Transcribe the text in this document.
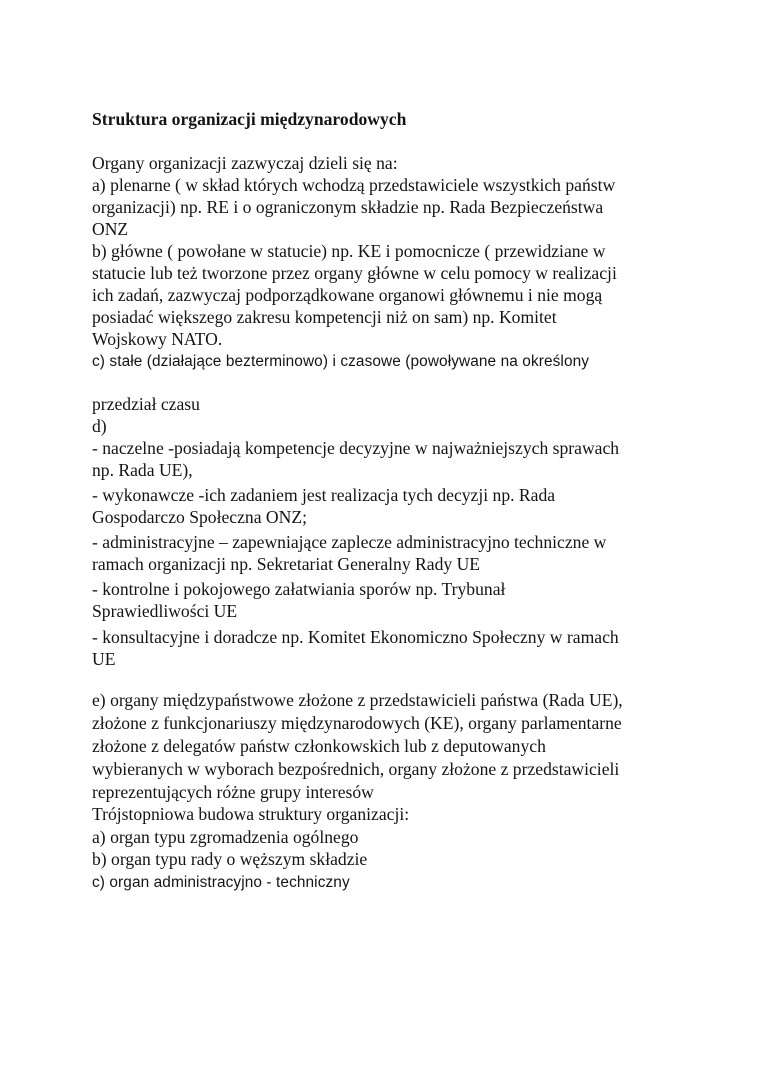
Struktura organizacji międzynarodowych
Organy organizacji zazwyczaj dzieli się na:
a) plenarne ( w skład których wchodzą przedstawiciele wszystkich państw
organizacji) np. RE i o ograniczonym składzie np. Rada Bezpieczeństwa
ONZ
b) główne ( powołane w statucie) np. KE i pomocnicze ( przewidziane w
statucie lub też tworzone przez organy główne w celu pomocy w realizacji
ich zadań, zazwyczaj podporządkowane organowi głównemu i nie mogą
posiadać większego zakresu kompetencji niż on sam) np. Komitet
Wojskowy NATO.
c) stałe (działające bezterminowo) i czasowe (powoływane na określony
przedział czasu
d)
- naczelne -posiadają kompetencje decyzyjne w najważniejszych sprawach
np. Rada UE),
- wykonawcze -ich zadaniem jest realizacja tych decyzji np. Rada
Gospodarczo Społeczna ONZ;
- administracyjne – zapewniające zaplecze administracyjno techniczne w
ramach organizacji np. Sekretariat Generalny Rady UE
- kontrolne i pokojowego załatwiania sporów np. Trybunał
Sprawiedliwości UE
- konsultacyjne i doradcze np. Komitet Ekonomiczno Społeczny w ramach
UE
e) organy międzypaństwowe złożone z przedstawicieli państwa (Rada UE),
złożone z funkcjonariuszy międzynarodowych (KE), organy parlamentarne
złożone z delegatów państw członkowskich lub z deputowanych
wybieranych w wyborach bezpośrednich, organy złożone z przedstawicieli
reprezentujących różne grupy interesów
Trójstopniowa budowa struktury organizacji:
a) organ typu zgromadzenia ogólnego
b) organ typu rady o węższym składzie
c) organ administracyjno - techniczny
